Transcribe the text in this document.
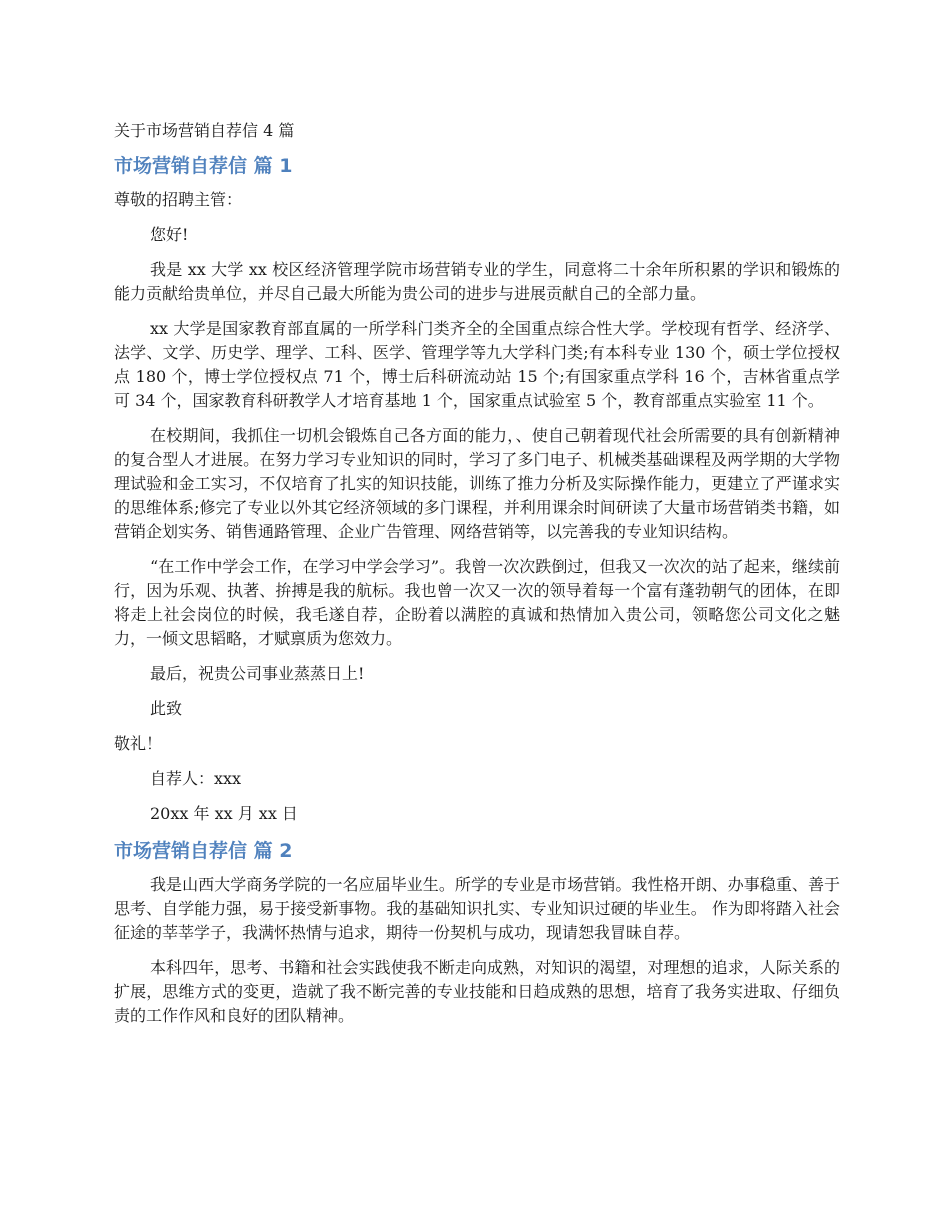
关于市场营销自荐信 4 篇
市场营销自荐信 篇 1

尊敬的招聘主管：

您好!

我是 xx 大学 xx 校区经济管理学院市场营销专业的学生，同意将二十余年所积累的学识和锻炼的能力贡献给贵单位，并尽自己最大所能为贵公司的进步与进展贡献自己的全部力量。

xx 大学是国家教育部直属的一所学科门类齐全的全国重点综合性大学。学校现有哲学、经济学、法学、文学、历史学、理学、工科、医学、管理学等九大学科门类;有本科专业 130 个，硕士学位授权点 180 个，博士学位授权点 71 个，博士后科研流动站 15 个;有国家重点学科 16 个，吉林省重点学可 34 个，国家教育科研教学人才培育基地 1 个，国家重点试验室 5 个，教育部重点实验室 11 个。

在校期间，我抓住一切机会锻炼自己各方面的能力，、使自己朝着现代社会所需要的具有创新精神的复合型人才进展。在努力学习专业知识的同时，学习了多门电子、机械类基础课程及两学期的大学物理试验和金工实习，不仅培育了扎实的知识技能，训练了推力分析及实际操作能力，更建立了严谨求实的思维体系;修完了专业以外其它经济领域的多门课程，并利用课余时间研读了大量市场营销类书籍，如营销企划实务、销售通路管理、企业广告管理、网络营销等，以完善我的专业知识结构。

“在工作中学会工作，在学习中学会学习”。我曾一次次跌倒过，但我又一次次的站了起来，继续前行，因为乐观、执著、拚搏是我的航标。我也曾一次又一次的领导着每一个富有蓬勃朝气的团体，在即将走上社会岗位的时候，我毛遂自荐，企盼着以满腔的真诚和热情加入贵公司，领略您公司文化之魅力，一倾文思韬略，才赋禀质为您效力。

最后，祝贵公司事业蒸蒸日上!

此致

敬礼！

自荐人：xxx

20xx 年 xx 月 xx 日

市场营销自荐信 篇 2

我是山西大学商务学院的一名应届毕业生。所学的专业是市场营销。我性格开朗、办事稳重、善于思考、自学能力强，易于接受新事物。我的基础知识扎实、专业知识过硬的毕业生。 作为即将踏入社会征途的莘莘学子，我满怀热情与追求，期待一份契机与成功，现请恕我冒昧自荐。

本科四年，思考、书籍和社会实践使我不断走向成熟，对知识的渴望，对理想的追求，人际关系的扩展，思维方式的变更，造就了我不断完善的专业技能和日趋成熟的思想，培育了我务实进取、仔细负责的工作作风和良好的团队精神。
